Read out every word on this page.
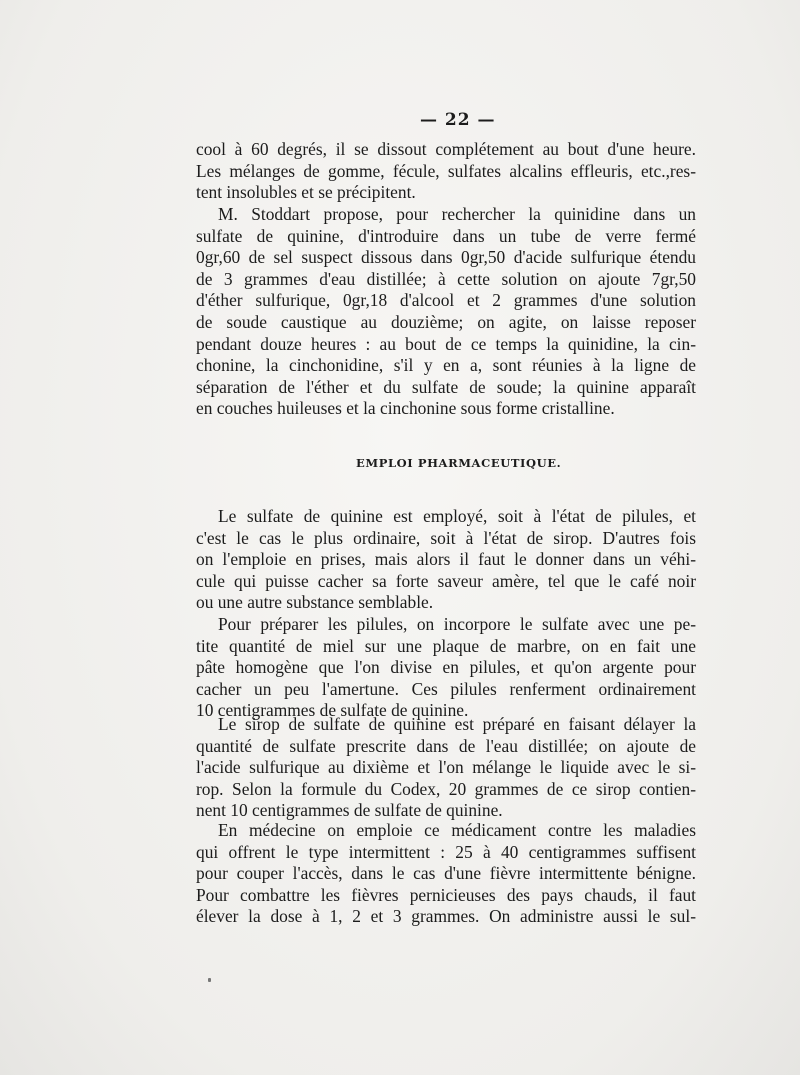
— 22 —
cool à 60 degrés, il se dissout complétement au bout d'une heure.
Les mélanges de gomme, fécule, sulfates alcalins effleuris, etc.,res-
tent insolubles et se précipitent.
M. Stoddart propose, pour rechercher la quinidine dans un
sulfate de quinine, d'introduire dans un tube de verre fermé
0gr,60 de sel suspect dissous dans 0gr,50 d'acide sulfurique étendu
de 3 grammes d'eau distillée; à cette solution on ajoute 7gr,50
d'éther sulfurique, 0gr,18 d'alcool et 2 grammes d'une solution
de soude caustique au douzième; on agite, on laisse reposer
pendant douze heures : au bout de ce temps la quinidine, la cin-
chonine, la cinchonidine, s'il y en a, sont réunies à la ligne de
séparation de l'éther et du sulfate de soude; la quinine apparaît
en couches huileuses et la cinchonine sous forme cristalline.
EMPLOI PHARMACEUTIQUE.
Le sulfate de quinine est employé, soit à l'état de pilules, et
c'est le cas le plus ordinaire, soit à l'état de sirop. D'autres fois
on l'emploie en prises, mais alors il faut le donner dans un véhi-
cule qui puisse cacher sa forte saveur amère, tel que le café noir
ou une autre substance semblable.
Pour préparer les pilules, on incorpore le sulfate avec une pe-
tite quantité de miel sur une plaque de marbre, on en fait une
pâte homogène que l'on divise en pilules, et qu'on argente pour
cacher un peu l'amertune. Ces pilules renferment ordinairement
10 centigrammes de sulfate de quinine.
Le sirop de sulfate de quinine est préparé en faisant délayer la
quantité de sulfate prescrite dans de l'eau distillée; on ajoute de
l'acide sulfurique au dixième et l'on mélange le liquide avec le si-
rop. Selon la formule du Codex, 20 grammes de ce sirop contien-
nent 10 centigrammes de sulfate de quinine.
En médecine on emploie ce médicament contre les maladies
qui offrent le type intermittent : 25 à 40 centigrammes suffisent
pour couper l'accès, dans le cas d'une fièvre intermittente bénigne.
Pour combattre les fièvres pernicieuses des pays chauds, il faut
élever la dose à 1, 2 et 3 grammes. On administre aussi le sul-
